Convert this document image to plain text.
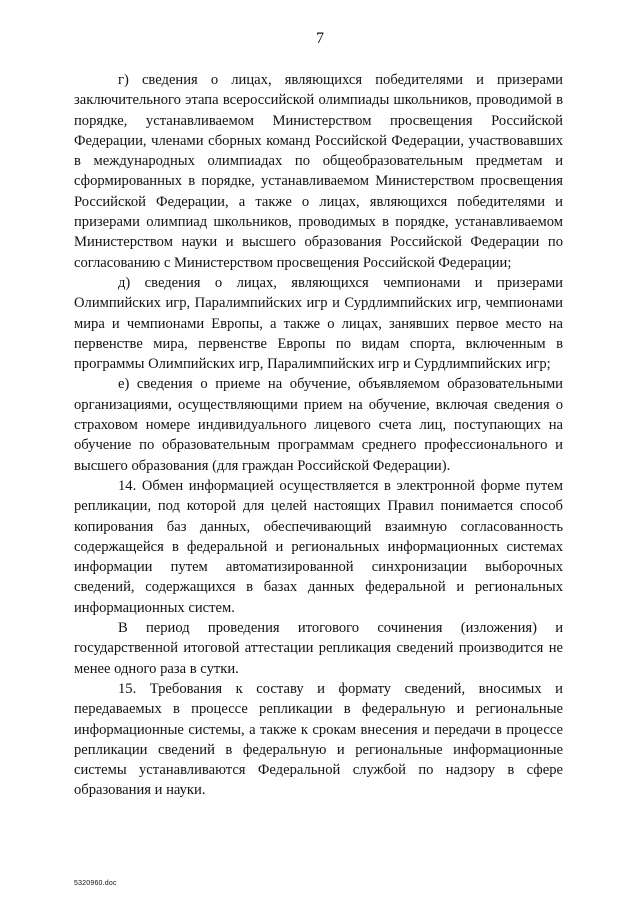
7

г) сведения о лицах, являющихся победителями и призерами заключительного этапа всероссийской олимпиады школьников, проводимой в порядке, устанавливаемом Министерством просвещения Российской Федерации, членами сборных команд Российской Федерации, участвовавших в международных олимпиадах по общеобразовательным предметам и сформированных в порядке, устанавливаемом Министерством просвещения Российской Федерации, а также о лицах, являющихся победителями и призерами олимпиад школьников, проводимых в порядке, устанавливаемом Министерством науки и высшего образования Российской Федерации по согласованию с Министерством просвещения Российской Федерации;

д) сведения о лицах, являющихся чемпионами и призерами Олимпийских игр, Паралимпийских игр и Сурдлимпийских игр, чемпионами мира и чемпионами Европы, а также о лицах, занявших первое место на первенстве мира, первенстве Европы по видам спорта, включенным в программы Олимпийских игр, Паралимпийских игр и Сурдлимпийских игр;

е) сведения о приеме на обучение, объявляемом образовательными организациями, осуществляющими прием на обучение, включая сведения о страховом номере индивидуального лицевого счета лиц, поступающих на обучение по образовательным программам среднего профессионального и высшего образования (для граждан Российской Федерации).

14. Обмен информацией осуществляется в электронной форме путем репликации, под которой для целей настоящих Правил понимается способ копирования баз данных, обеспечивающий взаимную согласованность содержащейся в федеральной и региональных информационных системах информации путем автоматизированной синхронизации выборочных сведений, содержащихся в базах данных федеральной и региональных информационных систем.

В период проведения итогового сочинения (изложения) и государственной итоговой аттестации репликация сведений производится не менее одного раза в сутки.

15. Требования к составу и формату сведений, вносимых и передаваемых в процессе репликации в федеральную и региональные информационные системы, а также к срокам внесения и передачи в процессе репликации сведений в федеральную и региональные информационные системы устанавливаются Федеральной службой по надзору в сфере образования и науки.

5320960.doc
